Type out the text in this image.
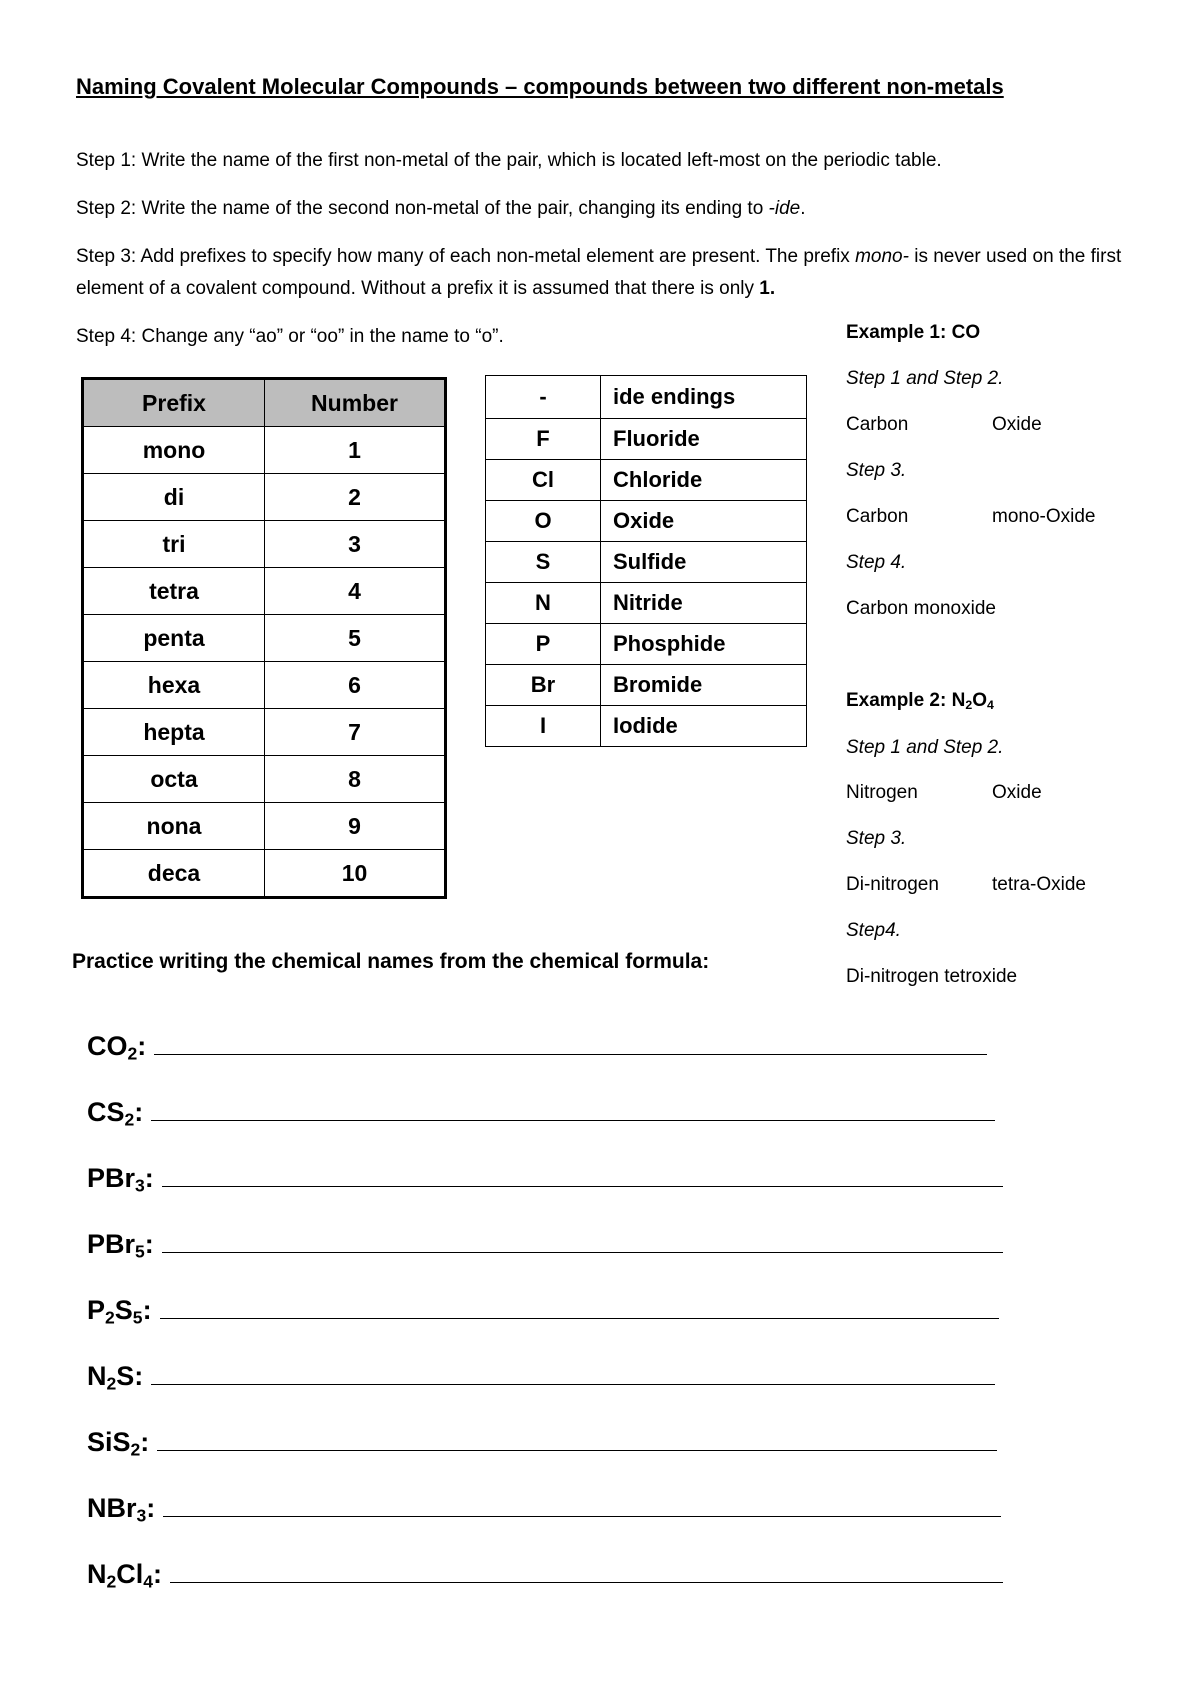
Naming Covalent Molecular Compounds – compounds between two different non-metals
Step 1: Write the name of the first non-metal of the pair, which is located left-most on the periodic table.
Step 2: Write the name of the second non-metal of the pair, changing its ending to -ide.
Step 3: Add prefixes to specify how many of each non-metal element are present. The prefix mono- is never used on the first element of a covalent compound. Without a prefix it is assumed that there is only 1.
Step 4: Change any “ao” or “oo” in the name to “o”.
Prefix	Number
mono	1
di	2
tri	3
tetra	4
penta	5
hexa	6
hepta	7
octa	8
nona	9
deca	10
-	ide endings
F	Fluoride
Cl	Chloride
O	Oxide
S	Sulfide
N	Nitride
P	Phosphide
Br	Bromide
I	Iodide
Example 1: CO
Step 1 and Step 2.
Carbon	Oxide
Step 3.
Carbon	mono-Oxide
Step 4.
Carbon monoxide
Example 2: $N_2O_4$
Step 1 and Step 2.
Nitrogen	Oxide
Step 3.
Di-nitrogen	tetra-Oxide
Step4.
Di-nitrogen tetroxide
Practice writing the chemical names from the chemical formula:
$CO_2$:
$CS_2$:
PBr$_3$:
PBr$_5$:
$P_2S_5$:
$N_2S$:
SiS$_2$:
NBr$_3$:
$N_2Cl_4$:
